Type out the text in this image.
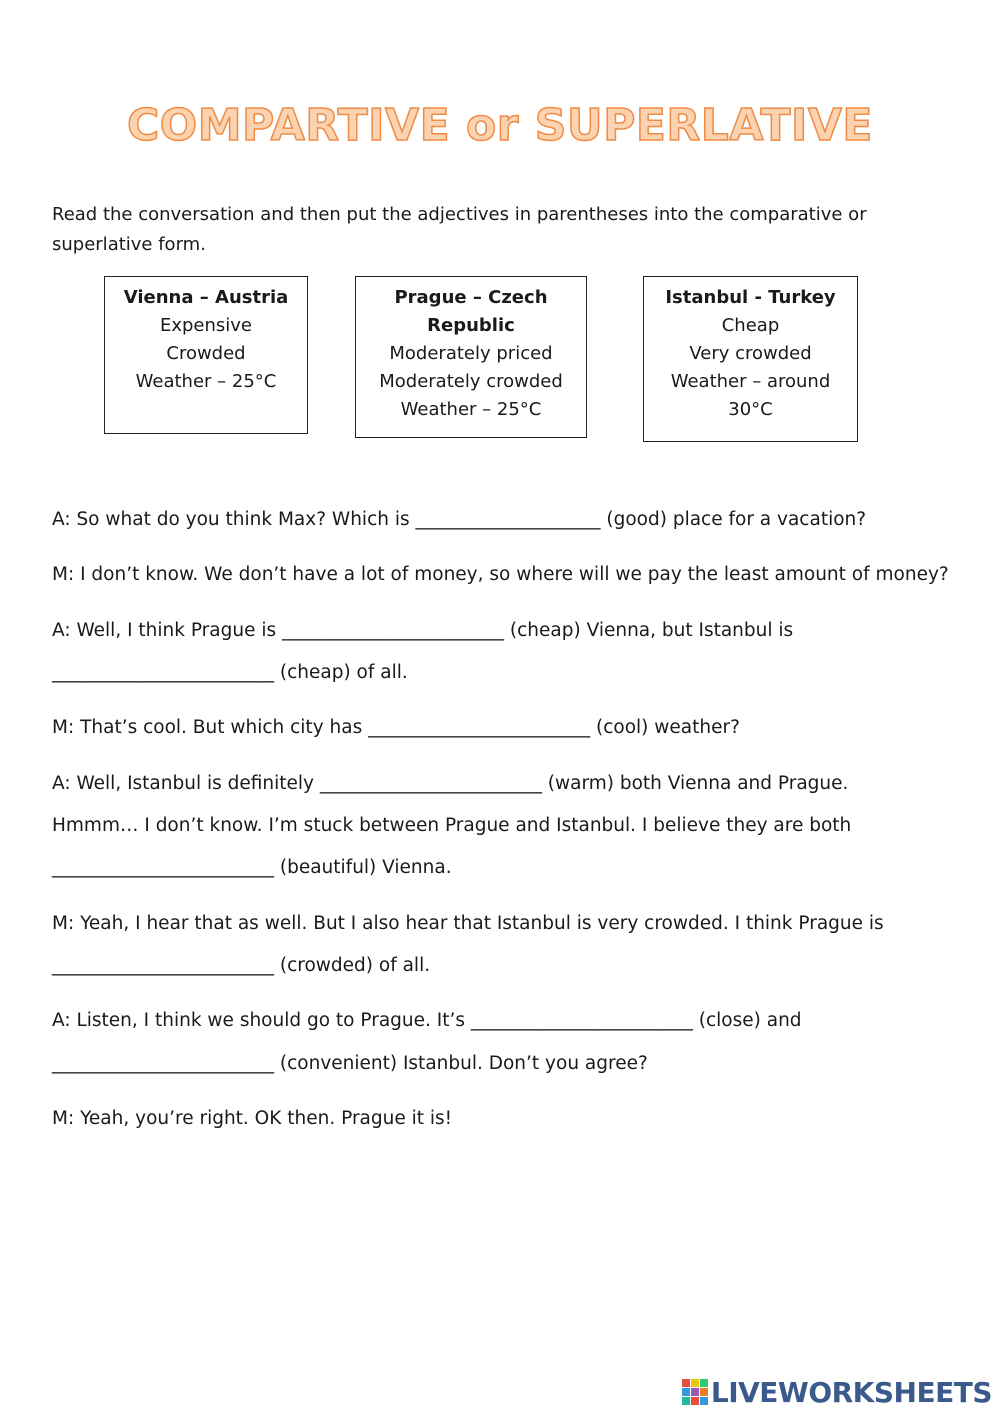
COMPARTIVE or SUPERLATIVE
Read the conversation and then put the adjectives in parentheses into the comparative or superlative form.
Vienna – Austria
Expensive
Crowded
Weather – 25°C
Prague – Czech
Republic
Moderately priced
Moderately crowded
Weather – 25°C
Istanbul - Turkey
Cheap
Very crowded
Weather – around
30°C
A: So what do you think Max? Which is ____________________ (good) place for a vacation?
M: I don’t know. We don’t have a lot of money, so where will we pay the least amount of money?
A: Well, I think Prague is ________________________ (cheap) Vienna, but Istanbul is
________________________ (cheap) of all.
M: That’s cool. But which city has ________________________ (cool) weather?
A: Well, Istanbul is definitely ________________________ (warm) both Vienna and Prague.
Hmmm… I don’t know. I’m stuck between Prague and Istanbul. I believe they are both
________________________ (beautiful) Vienna.
M: Yeah, I hear that as well. But I also hear that Istanbul is very crowded. I think Prague is
________________________ (crowded) of all.
A: Listen, I think we should go to Prague. It’s ________________________ (close) and
________________________ (convenient) Istanbul. Don’t you agree?
M: Yeah, you’re right. OK then. Prague it is!
LIVEWORKSHEETS
